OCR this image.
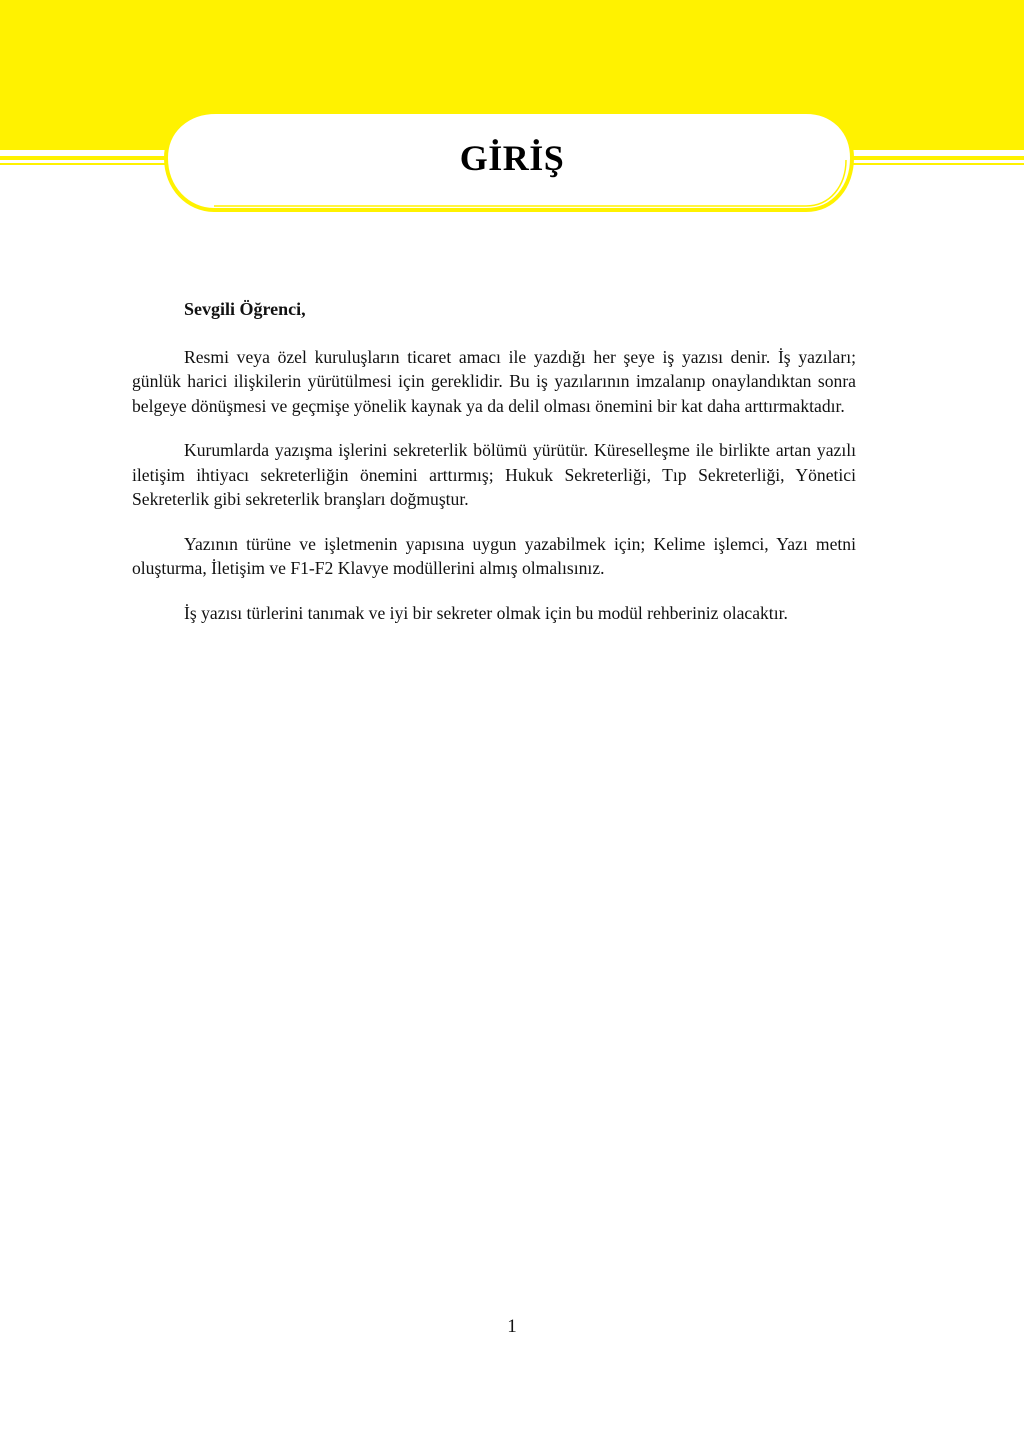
GİRİŞ

Sevgili Öğrenci,

Resmi veya özel kuruluşların ticaret amacı ile yazdığı her şeye iş yazısı denir. İş yazıları; günlük harici ilişkilerin yürütülmesi için gereklidir. Bu iş yazılarının imzalanıp onaylandıktan sonra belgeye dönüşmesi ve geçmişe yönelik kaynak ya da delil olması önemini bir kat daha arttırmaktadır.

Kurumlarda yazışma işlerini sekreterlik bölümü yürütür. Küreselleşme ile birlikte artan yazılı iletişim ihtiyacı sekreterliğin önemini arttırmış; Hukuk Sekreterliği, Tıp Sekreterliği, Yönetici Sekreterlik gibi sekreterlik branşları doğmuştur.

Yazının türüne ve işletmenin yapısına uygun yazabilmek için; Kelime işlemci, Yazı metni oluşturma, İletişim ve F1-F2 Klavye modüllerini almış olmalısınız.

İş yazısı türlerini tanımak ve iyi bir sekreter olmak için bu modül rehberiniz olacaktır.

1
